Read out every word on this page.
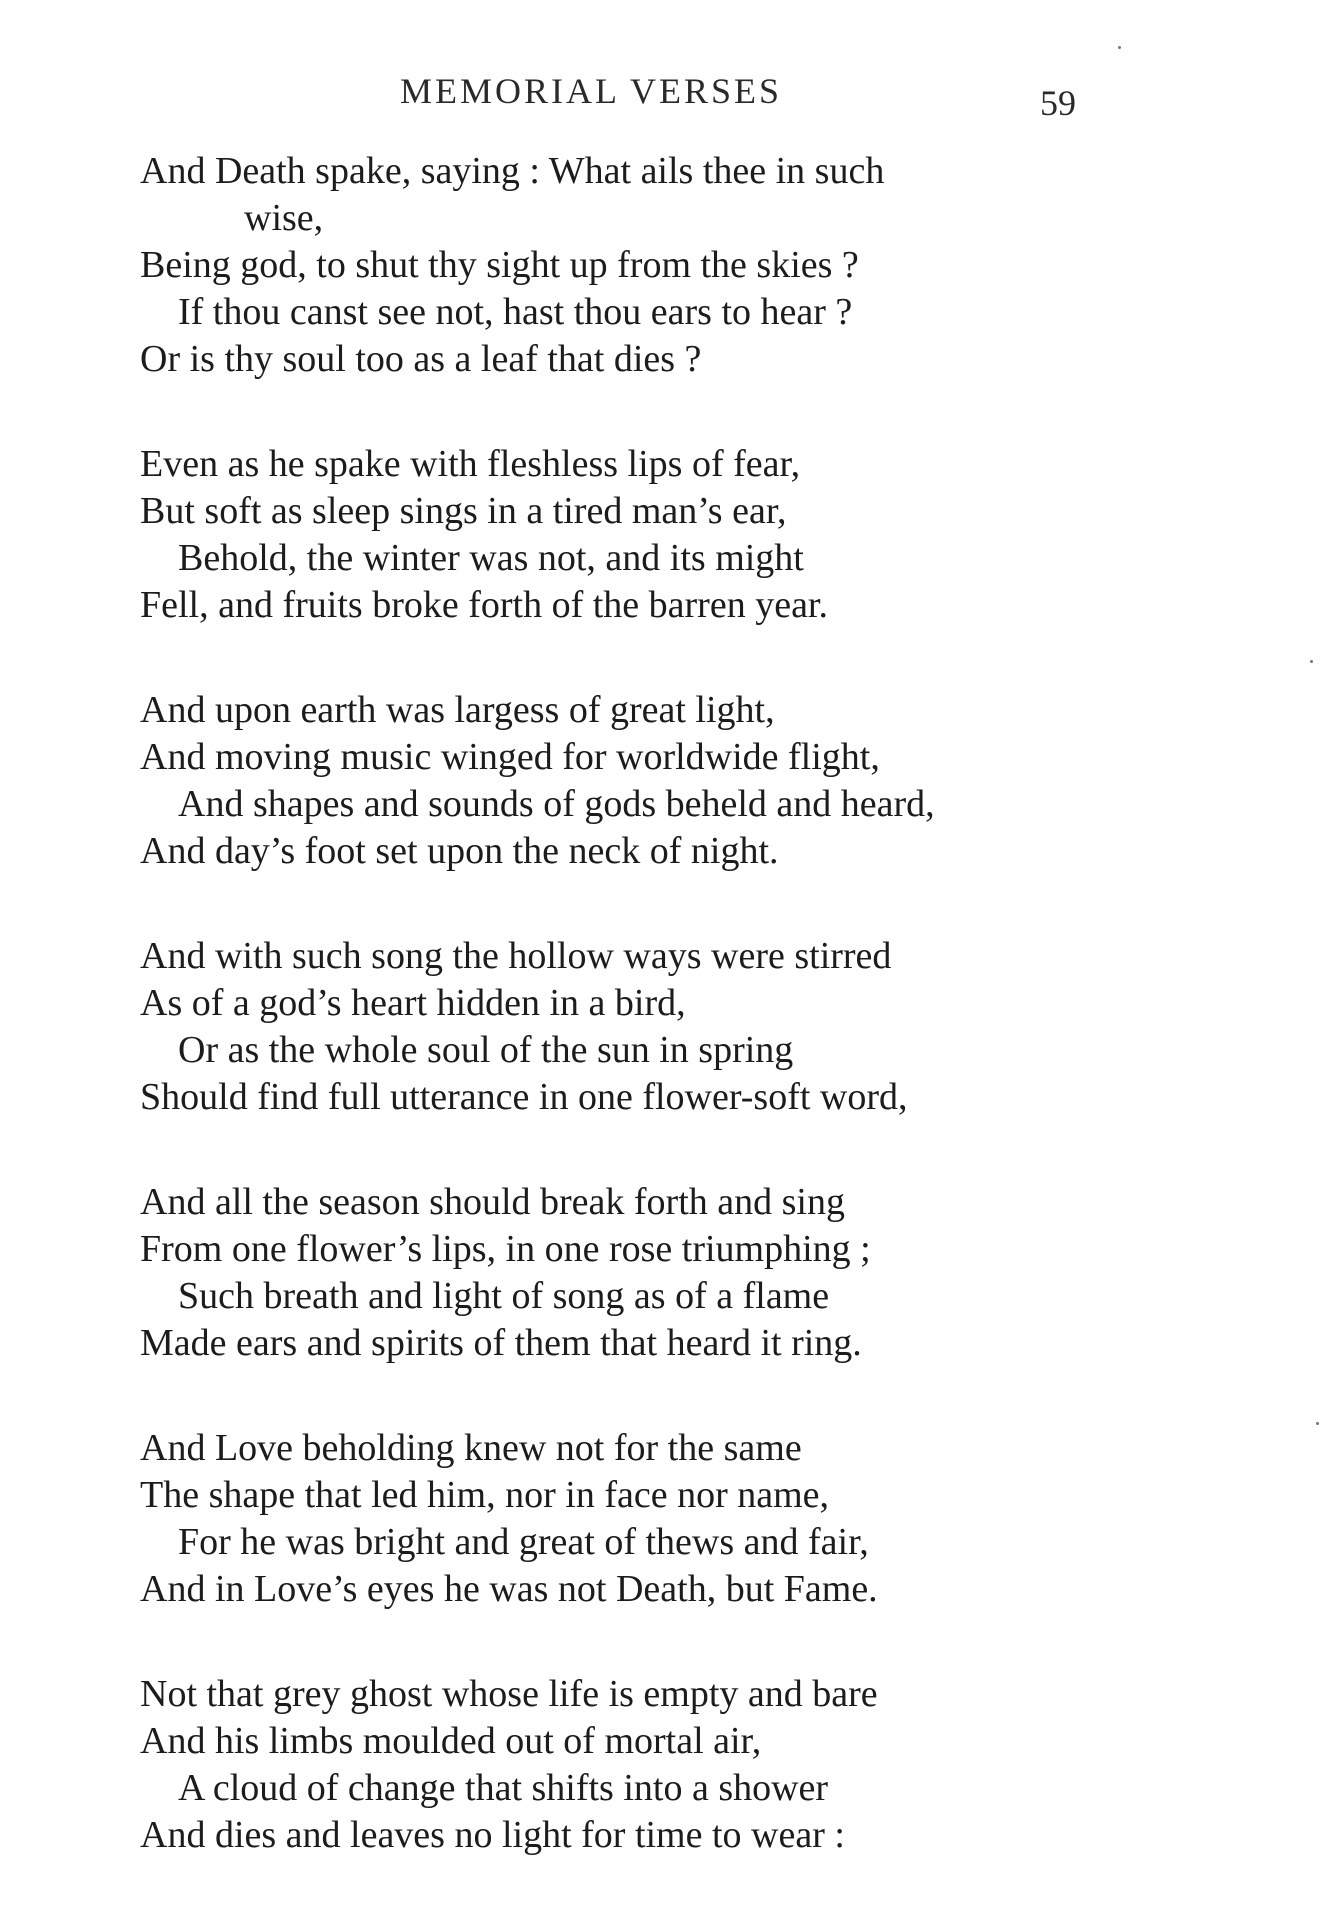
MEMORIAL VERSES	59
And Death spake, saying : What ails thee in such
wise,
Being god, to shut thy sight up from the skies ?
If thou canst see not, hast thou ears to hear ?
Or is thy soul too as a leaf that dies ?
Even as he spake with fleshless lips of fear,
But soft as sleep sings in a tired man’s ear,
Behold, the winter was not, and its might
Fell, and fruits broke forth of the barren year.
And upon earth was largess of great light,
And moving music winged for worldwide flight,
And shapes and sounds of gods beheld and heard,
And day’s foot set upon the neck of night.
And with such song the hollow ways were stirred
As of a god’s heart hidden in a bird,
Or as the whole soul of the sun in spring
Should find full utterance in one flower-soft word,
And all the season should break forth and sing
From one flower’s lips, in one rose triumphing ;
Such breath and light of song as of a flame
Made ears and spirits of them that heard it ring.
And Love beholding knew not for the same
The shape that led him, nor in face nor name,
For he was bright and great of thews and fair,
And in Love’s eyes he was not Death, but Fame.
Not that grey ghost whose life is empty and bare
And his limbs moulded out of mortal air,
A cloud of change that shifts into a shower
And dies and leaves no light for time to wear :
